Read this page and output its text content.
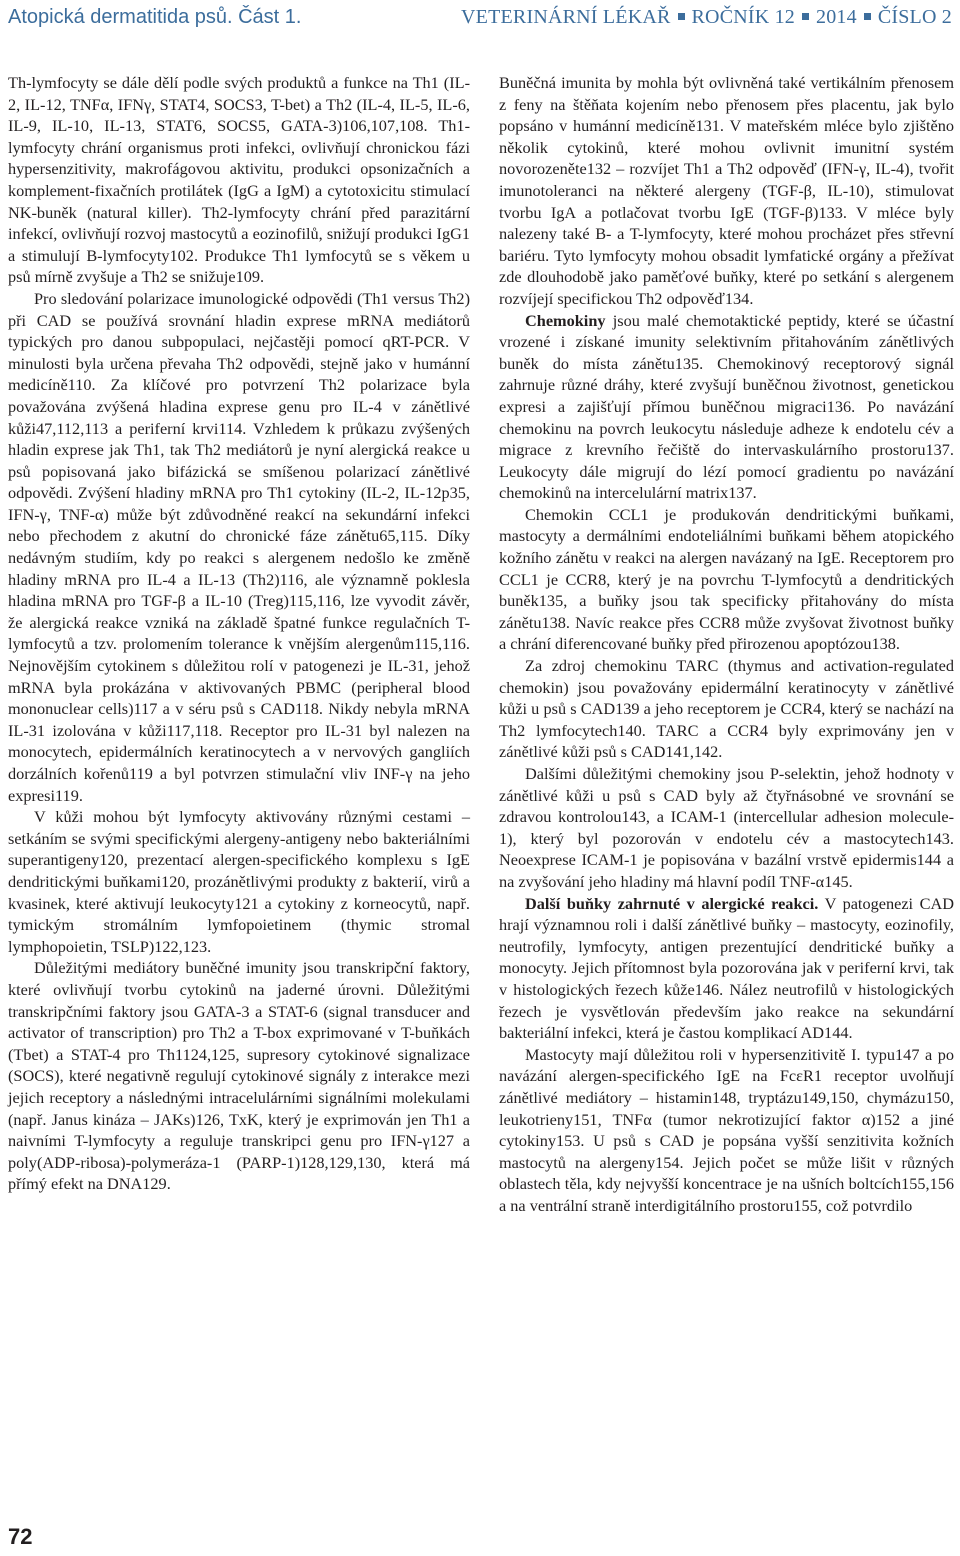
Atopická dermatitida psů. Část 1.	VETERINÁRNÍ LÉKAŘ ROČNÍK 12 2014 ČÍSLO 2

Th-lymfocyty se dále dělí podle svých produktů a funkce na Th1 (IL-2, IL-12, TNFα, IFNγ, STAT4, SOCS3, T-bet) a Th2 (IL-4, IL-5, IL-6, IL-9, IL-10, IL-13, STAT6, SOCS5, GATA-3)106,107,108. Th1-lymfocyty chrání organismus proti infekci, ovlivňují chronickou fázi hypersenzitivity, makrofágovou aktivitu, produkci opsonizačních a komplement-fixačních protilátek (IgG a IgM) a cytotoxicitu stimulací NK-buněk (natural killer). Th2-lymfocyty chrání před parazitární infekcí, ovlivňují rozvoj mastocytů a eozinofilů, snižují produkci IgG1 a stimulují B-lymfocyty102. Produkce Th1 lymfocytů se s věkem u psů mírně zvyšuje a Th2 se snižuje109.

Pro sledování polarizace imunologické odpovědi (Th1 versus Th2) při CAD se používá srovnání hladin exprese mRNA mediátorů typických pro danou subpopulaci, nejčastěji pomocí qRT-PCR. V minulosti byla určena převaha Th2 odpovědi, stejně jako v humánní medicíně110. Za klíčové pro potvrzení Th2 polarizace byla považována zvýšená hladina exprese genu pro IL-4 v zánětlivé kůži47,112,113 a periferní krvi114. Vzhledem k průkazu zvýšených hladin exprese jak Th1, tak Th2 mediátorů je nyní alergická reakce u psů popisovaná jako bifázická se smíšenou polarizací zánětlivé odpovědi. Zvýšení hladiny mRNA pro Th1 cytokiny (IL-2, IL-12p35, IFN-γ, TNF-α) může být zdůvodněné reakcí na sekundární infekci nebo přechodem z akutní do chronické fáze zánětu65,115. Díky nedávným studiím, kdy po reakci s alergenem nedošlo ke změně hladiny mRNA pro IL-4 a IL-13 (Th2)116, ale významně poklesla hladina mRNA pro TGF-β a IL-10 (Treg)115,116, lze vyvodit závěr, že alergická reakce vzniká na základě špatné funkce regulačních T-lymfocytů a tzv. prolomením tolerance k vnějším alergenům115,116. Nejnovějším cytokinem s důležitou rolí v patogenezi je IL-31, jehož mRNA byla prokázána v aktivovaných PBMC (peripheral blood mononuclear cells)117 a v séru psů s CAD118. Nikdy nebyla mRNA IL-31 izolována v kůži117,118. Receptor pro IL-31 byl nalezen na monocytech, epidermálních keratinocytech a v nervových gangliích dorzálních kořenů119 a byl potvrzen stimulační vliv INF-γ na jeho expresi119.

V kůži mohou být lymfocyty aktivovány různými cestami – setkáním se svými specifickými alergeny-antigeny nebo bakteriálními superantigeny120, prezentací alergen-specifického komplexu s IgE dendritickými buňkami120, prozánětlivými produkty z bakterií, virů a kvasinek, které aktivují leukocyty121 a cytokiny z korneocytů, např. tymickým stromálním lymfopoietinem (thymic stromal lymphopoietin, TSLP)122,123.

Důležitými mediátory buněčné imunity jsou transkripční faktory, které ovlivňují tvorbu cytokinů na jaderné úrovni. Důležitými transkripčními faktory jsou GATA-3 a STAT-6 (signal transducer and activator of transcription) pro Th2 a T-box exprimované v T-buňkách (Tbet) a STAT-4 pro Th1124,125, supresory cytokinové signalizace (SOCS), které negativně regulují cytokinové signály z interakce mezi jejich receptory a následnými intracelulárními signálními molekulami (např. Janus kináza – JAKs)126, TxK, který je exprimován jen Th1 a naivními T-lymfocyty a reguluje transkripci genu pro IFN-γ127 a poly(ADP-ribosa)-polymeráza-1 (PARP-1)128,129,130, která má přímý efekt na DNA129.

Buněčná imunita by mohla být ovlivněná také vertikálním přenosem z feny na štěňata kojením nebo přenosem přes placentu, jak bylo popsáno v humánní medicíně131. V mateřském mléce bylo zjištěno několik cytokinů, které mohou ovlivnit imunitní systém novorozeněte132 – rozvíjet Th1 a Th2 odpověď (IFN-γ, IL-4), tvořit imunotoleranci na některé alergeny (TGF-β, IL-10), stimulovat tvorbu IgA a potlačovat tvorbu IgE (TGF-β)133. V mléce byly nalezeny také B- a T-lymfocyty, které mohou procházet přes střevní bariéru. Tyto lymfocyty mohou obsadit lymfatické orgány a přežívat zde dlouhodobě jako paměťové buňky, které po setkání s alergenem rozvíjejí specifickou Th2 odpověď134.

Chemokiny jsou malé chemotaktické peptidy, které se účastní vrozené i získané imunity selektivním přitahováním zánětlivých buněk do místa zánětu135. Chemokinový receptorový signál zahrnuje různé dráhy, které zvyšují buněčnou životnost, genetickou expresi a zajišťují přímou buněčnou migraci136. Po navázání chemokinu na povrch leukocytu následuje adheze k endotelu cév a migrace z krevního řečiště do intervaskulárního prostoru137. Leukocyty dále migrují do lézí pomocí gradientu po navázání chemokinů na intercelulární matrix137.

Chemokin CCL1 je produkován dendritickými buňkami, mastocyty a dermálními endoteliálními buňkami během atopického kožního zánětu v reakci na alergen navázaný na IgE. Receptorem pro CCL1 je CCR8, který je na povrchu T-lymfocytů a dendritických buněk135, a buňky jsou tak specificky přitahovány do místa zánětu138. Navíc reakce přes CCR8 může zvyšovat životnost buňky a chrání diferencované buňky před přirozenou apoptózou138.

Za zdroj chemokinu TARC (thymus and activation-regulated chemokin) jsou považovány epidermální keratinocyty v zánětlivé kůži u psů s CAD139 a jeho receptorem je CCR4, který se nachází na Th2 lymfocytech140. TARC a CCR4 byly exprimovány jen v zánětlivé kůži psů s CAD141,142.

Dalšími důležitými chemokiny jsou P-selektin, jehož hodnoty v zánětlivé kůži u psů s CAD byly až čtyřnásobné ve srovnání se zdravou kontrolou143, a ICAM-1 (intercellular adhesion molecule-1), který byl pozorován v endotelu cév a mastocytech143. Neoexprese ICAM-1 je popisována v bazální vrstvě epidermis144 a na zvyšování jeho hladiny má hlavní podíl TNF-α145.

Další buňky zahrnuté v alergické reakci. V patogenezi CAD hrají významnou roli i další zánětlivé buňky – mastocyty, eozinofily, neutrofily, lymfocyty, antigen prezentující dendritické buňky a monocyty. Jejich přítomnost byla pozorována jak v periferní krvi, tak v histologických řezech kůže146. Nález neutrofilů v histologických řezech je vysvětlován především jako reakce na sekundární bakteriální infekci, která je častou komplikací AD144.

Mastocyty mají důležitou roli v hypersenzitivitě I. typu147 a po navázání alergen-specifického IgE na FcεR1 receptor uvolňují zánětlivé mediátory – histamin148, tryptázu149,150, chymázu150, leukotrieny151, TNFα (tumor nekrotizující faktor α)152 a jiné cytokiny153. U psů s CAD je popsána vyšší senzitivita kožních mastocytů na alergeny154. Jejich počet se může lišit v různých oblastech těla, kdy nejvyšší koncentrace je na ušních boltcích155,156 a na ventrální straně interdigitálního prostoru155, což potvrdilo

72
